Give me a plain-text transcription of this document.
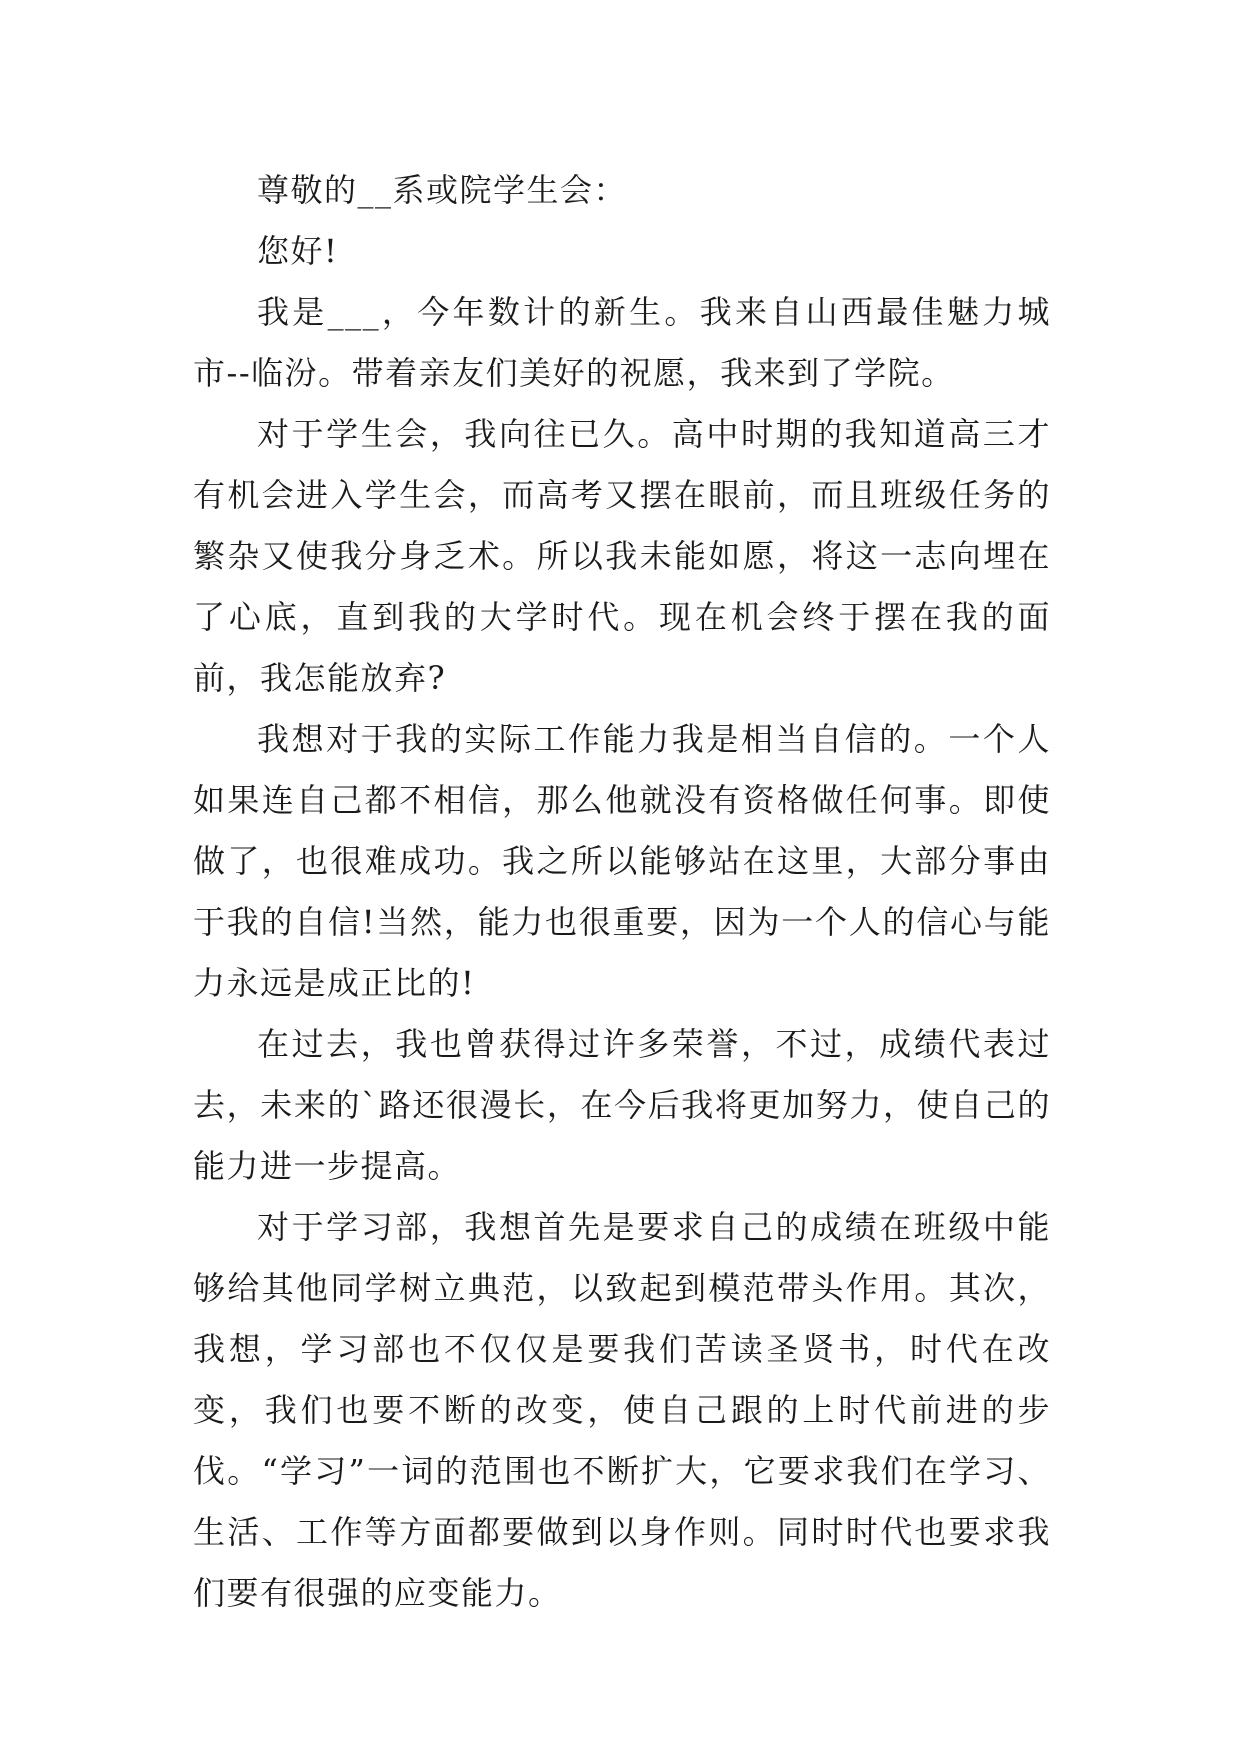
尊敬的__系或院学生会：

您好!

我是___，今年数计的新生。我来自山西最佳魅力城市--临汾。带着亲友们美好的祝愿，我来到了学院。

对于学生会，我向往已久。高中时期的我知道高三才有机会进入学生会，而高考又摆在眼前，而且班级任务的繁杂又使我分身乏术。所以我未能如愿，将这一志向埋在了心底，直到我的大学时代。现在机会终于摆在我的面前，我怎能放弃?

我想对于我的实际工作能力我是相当自信的。一个人如果连自己都不相信，那么他就没有资格做任何事。即使做了，也很难成功。我之所以能够站在这里，大部分事由于我的自信!当然，能力也很重要，因为一个人的信心与能力永远是成正比的!

在过去，我也曾获得过许多荣誉，不过，成绩代表过去，未来的`路还很漫长，在今后我将更加努力，使自己的能力进一步提高。

对于学习部，我想首先是要求自己的成绩在班级中能够给其他同学树立典范，以致起到模范带头作用。其次，我想，学习部也不仅仅是要我们苦读圣贤书，时代在改变，我们也要不断的改变，使自己跟的上时代前进的步伐。“学习”一词的范围也不断扩大，它要求我们在学习、生活、工作等方面都要做到以身作则。同时时代也要求我们要有很强的应变能力。
